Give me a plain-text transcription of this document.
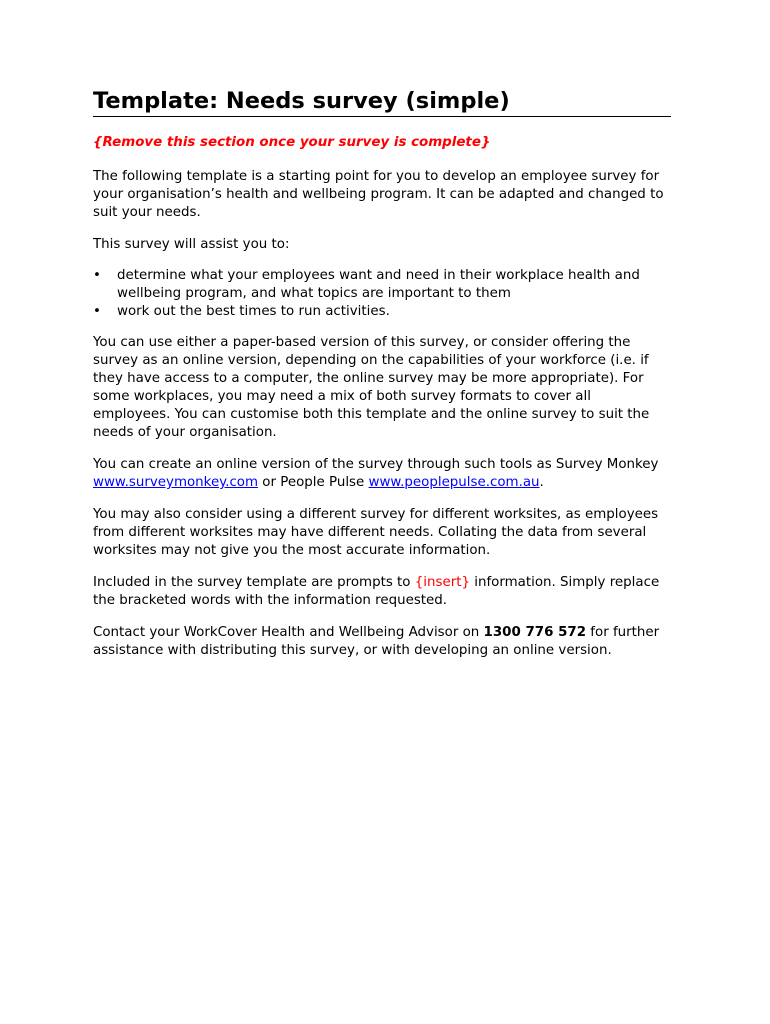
Template: Needs survey (simple)

{Remove this section once your survey is complete}

The following template is a starting point for you to develop an employee survey for your organisation’s health and wellbeing program. It can be adapted and changed to suit your needs.

This survey will assist you to:

•	determine what your employees want and need in their workplace health and wellbeing program, and what topics are important to them
•	work out the best times to run activities.

You can use either a paper-based version of this survey, or consider offering the survey as an online version, depending on the capabilities of your workforce (i.e. if they have access to a computer, the online survey may be more appropriate). For some workplaces, you may need a mix of both survey formats to cover all employees. You can customise both this template and the online survey to suit the needs of your organisation.

You can create an online version of the survey through such tools as Survey Monkey www.surveymonkey.com or People Pulse www.peoplepulse.com.au.

You may also consider using a different survey for different worksites, as employees from different worksites may have different needs. Collating the data from several worksites may not give you the most accurate information.

Included in the survey template are prompts to {insert} information. Simply replace the bracketed words with the information requested.

Contact your WorkCover Health and Wellbeing Advisor on 1300 776 572 for further assistance with distributing this survey, or with developing an online version.
